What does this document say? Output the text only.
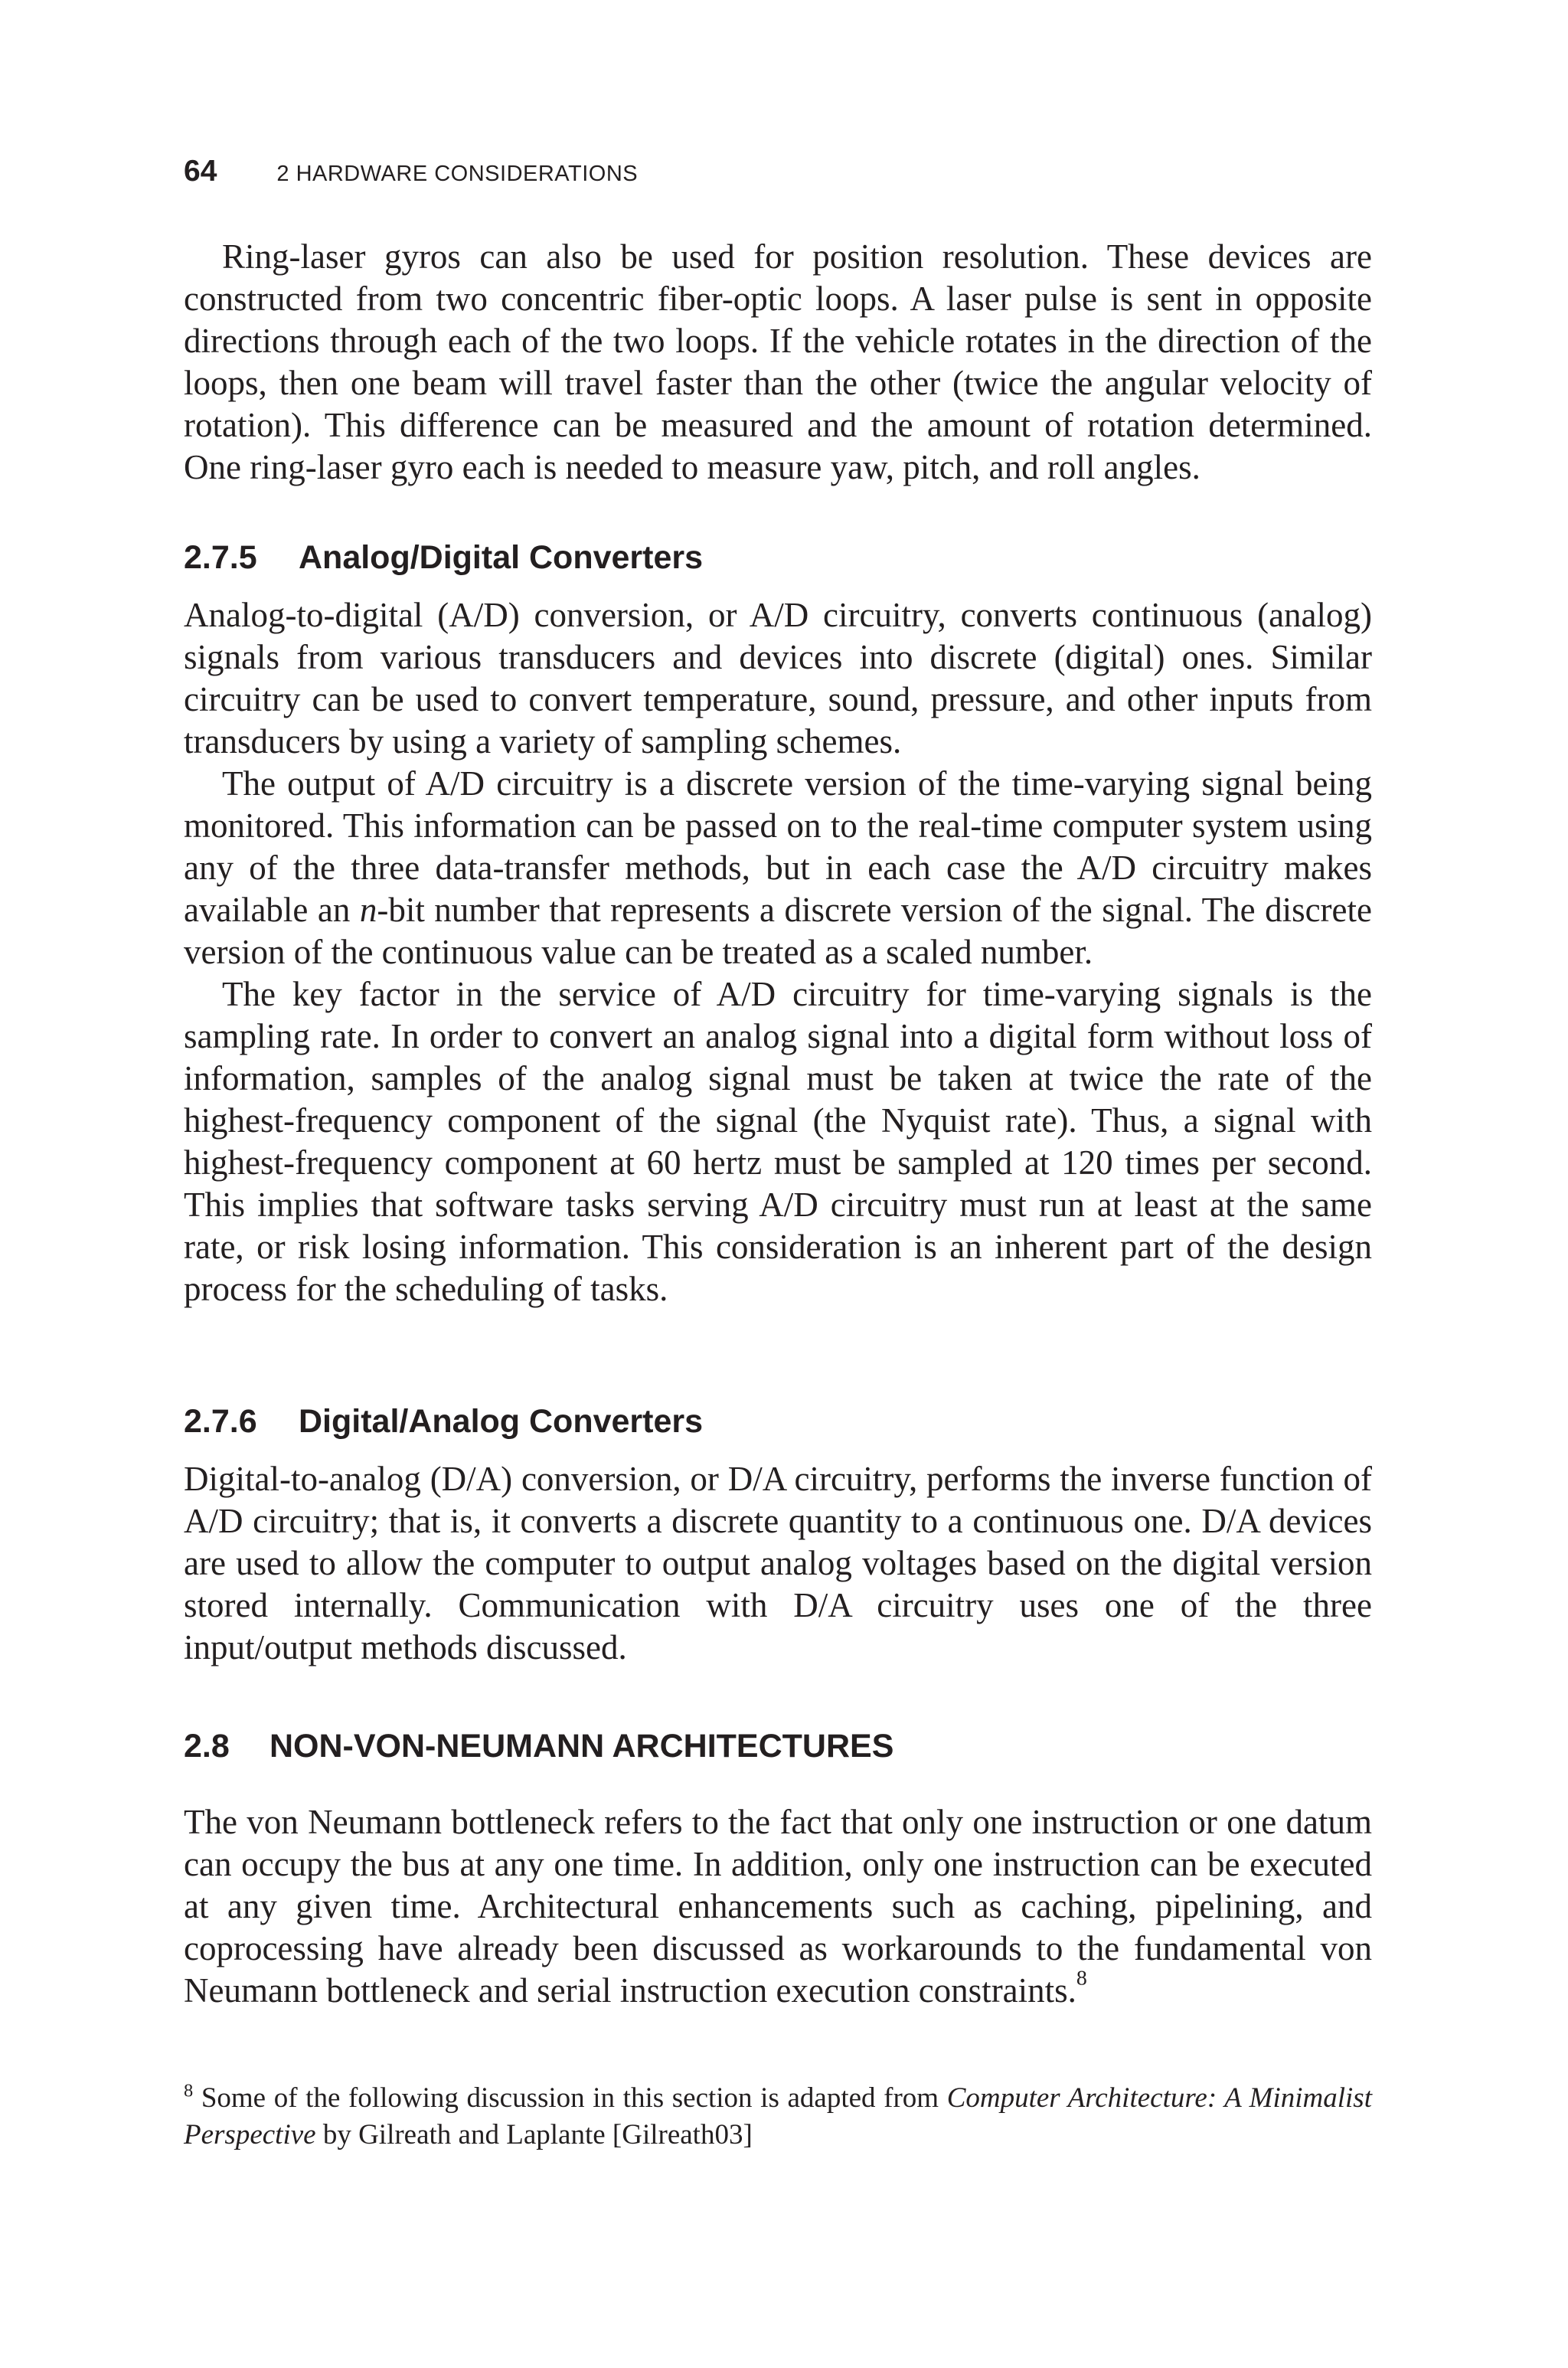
64	2 HARDWARE CONSIDERATIONS

Ring-laser gyros can also be used for position resolution. These devices are constructed from two concentric fiber-optic loops. A laser pulse is sent in opposite directions through each of the two loops. If the vehicle rotates in the direction of the loops, then one beam will travel faster than the other (twice the angular velocity of rotation). This difference can be measured and the amount of rotation determined. One ring-laser gyro each is needed to measure yaw, pitch, and roll angles.

2.7.5 Analog/Digital Converters

Analog-to-digital (A/D) conversion, or A/D circuitry, converts continuous (analog) signals from various transducers and devices into discrete (digital) ones. Similar circuitry can be used to convert temperature, sound, pressure, and other inputs from transducers by using a variety of sampling schemes.

The output of A/D circuitry is a discrete version of the time-varying signal being monitored. This information can be passed on to the real-time computer system using any of the three data-transfer methods, but in each case the A/D circuitry makes available an n-bit number that represents a discrete version of the signal. The discrete version of the continuous value can be treated as a scaled number.

The key factor in the service of A/D circuitry for time-varying signals is the sampling rate. In order to convert an analog signal into a digital form without loss of information, samples of the analog signal must be taken at twice the rate of the highest-frequency component of the signal (the Nyquist rate). Thus, a signal with highest-frequency component at 60 hertz must be sampled at 120 times per second. This implies that software tasks serving A/D circuitry must run at least at the same rate, or risk losing information. This consideration is an inherent part of the design process for the scheduling of tasks.

2.7.6 Digital/Analog Converters

Digital-to-analog (D/A) conversion, or D/A circuitry, performs the inverse function of A/D circuitry; that is, it converts a discrete quantity to a continuous one. D/A devices are used to allow the computer to output analog voltages based on the digital version stored internally. Communication with D/A circuitry uses one of the three input/output methods discussed.

2.8 NON-VON-NEUMANN ARCHITECTURES

The von Neumann bottleneck refers to the fact that only one instruction or one datum can occupy the bus at any one time. In addition, only one instruction can be executed at any given time. Architectural enhancements such as caching, pipelining, and coprocessing have already been discussed as workarounds to the fundamental von Neumann bottleneck and serial instruction execution constraints.$^8$

$^8$ Some of the following discussion in this section is adapted from Computer Architecture: A Minimalist Perspective by Gilreath and Laplante [Gilreath03]
